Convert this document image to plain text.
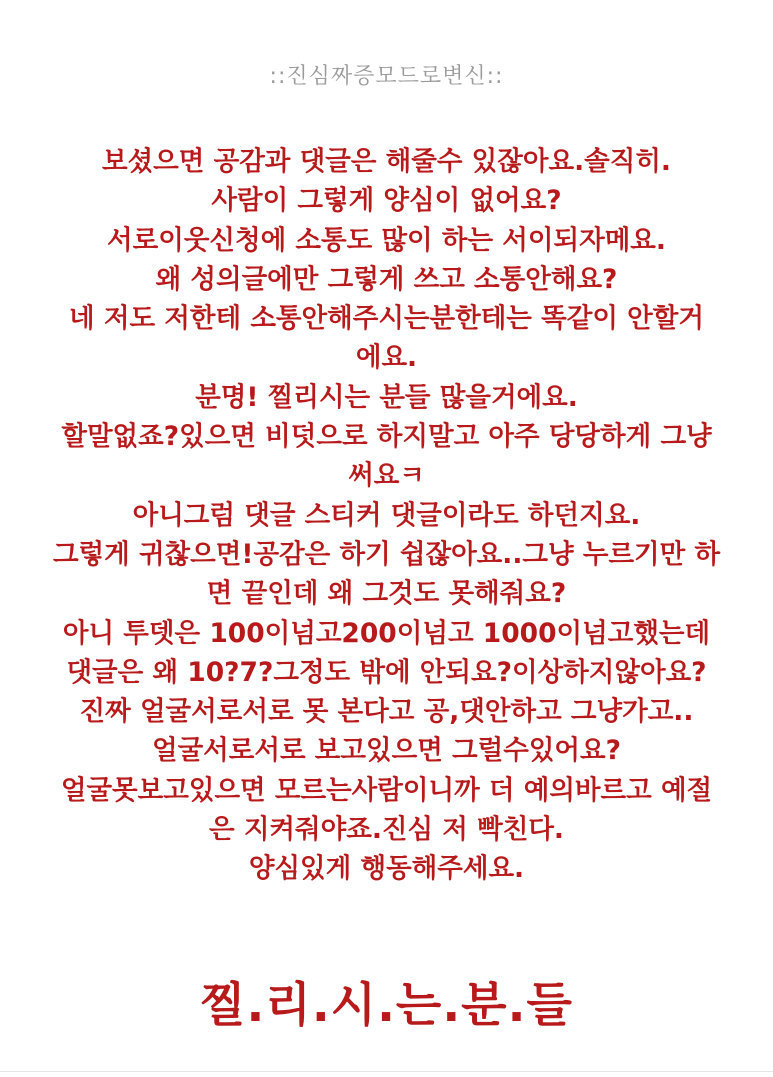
::진심짜증모드로변신::
보셨으면 공감과 댓글은 해줄수 있잖아요.솔직히.
사람이 그렇게 양심이 없어요?
서로이웃신청에 소통도 많이 하는 서이되자메요.
왜 성의글에만 그렇게 쓰고 소통안해요?
네 저도 저한테 소통안해주시는분한테는 똑같이 안할거
에요.
분명! 찔리시는 분들 많을거에요.
할말없죠?있으면 비덧으로 하지말고 아주 당당하게 그냥
써요ㅋ
아니그럼 댓글 스티커 댓글이라도 하던지요.
그렇게 귀찮으면!공감은 하기 쉽잖아요..그냥 누르기만 하
면 끝인데 왜 그것도 못해줘요?
아니 투뎃은 100이넘고200이넘고 1000이넘고했는데
댓글은 왜 10?7?그정도 밖에 안되요?이상하지않아요?
진짜 얼굴서로서로 못 본다고 공,댓안하고 그냥가고..
얼굴서로서로 보고있으면 그럴수있어요?
얼굴못보고있으면 모르는사람이니까 더 예의바르고 예절
은 지켜줘야죠.진심 저 빡친다.
양심있게 행동해주세요.
찔.리.시.는.분.들
